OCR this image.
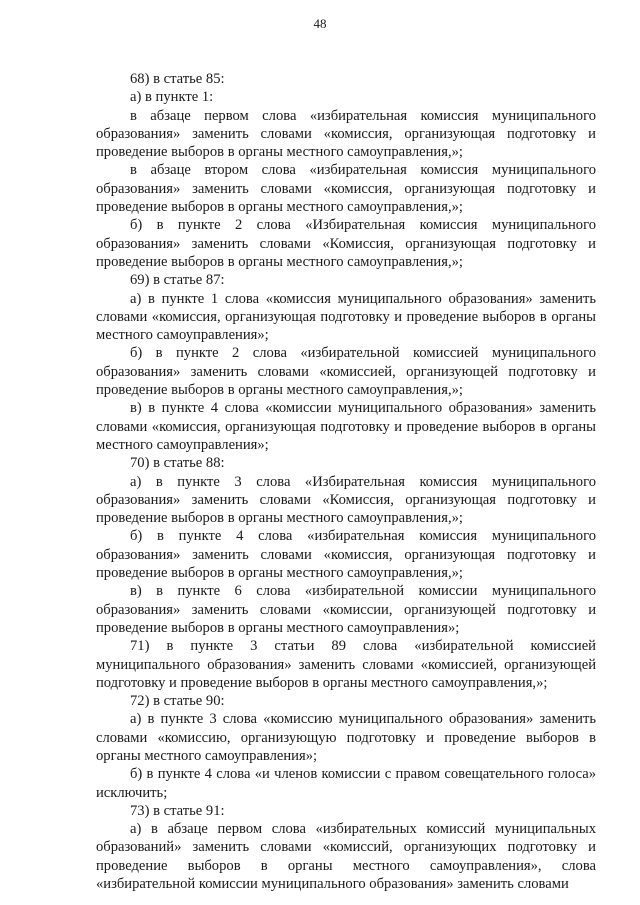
48

68) в статье 85:

а) в пункте 1:

в абзаце первом слова «избирательная комиссия муниципального образования» заменить словами «комиссия, организующая подготовку и проведение выборов в органы местного самоуправления,»;

в абзаце втором слова «избирательная комиссия муниципального образования» заменить словами «комиссия, организующая подготовку и проведение выборов в органы местного самоуправления,»;

б) в пункте 2 слова «Избирательная комиссия муниципального образования» заменить словами «Комиссия, организующая подготовку и проведение выборов в органы местного самоуправления,»;

69) в статье 87:

а) в пункте 1 слова «комиссия муниципального образования» заменить словами «комиссия, организующая подготовку и проведение выборов в органы местного самоуправления»;

б) в пункте 2 слова «избирательной комиссией муниципального образования» заменить словами «комиссией, организующей подготовку и проведение выборов в органы местного самоуправления,»;

в) в пункте 4 слова «комиссии муниципального образования» заменить словами «комиссия, организующая подготовку и проведение выборов в органы местного самоуправления»;

70) в статье 88:

а) в пункте 3 слова «Избирательная комиссия муниципального образования» заменить словами «Комиссия, организующая подготовку и проведение выборов в органы местного самоуправления,»;

б) в пункте 4 слова «избирательная комиссия муниципального образования» заменить словами «комиссия, организующая подготовку и проведение выборов в органы местного самоуправления,»;

в) в пункте 6 слова «избирательной комиссии муниципального образования» заменить словами «комиссии, организующей подготовку и проведение выборов в органы местного самоуправления»;

71) в пункте 3 статьи 89 слова «избирательной комиссией муниципального образования» заменить словами «комиссией, организующей подготовку и проведение выборов в органы местного самоуправления,»;

72) в статье 90:

а) в пункте 3 слова «комиссию муниципального образования» заменить словами «комиссию, организующую подготовку и проведение выборов в органы местного самоуправления»;

б) в пункте 4 слова «и членов комиссии с правом совещательного голоса» исключить;

73) в статье 91:

а) в абзаце первом слова «избирательных комиссий муниципальных образований» заменить словами «комиссий, организующих подготовку и проведение выборов в органы местного самоуправления», слова «избирательной комиссии муниципального образования» заменить словами
